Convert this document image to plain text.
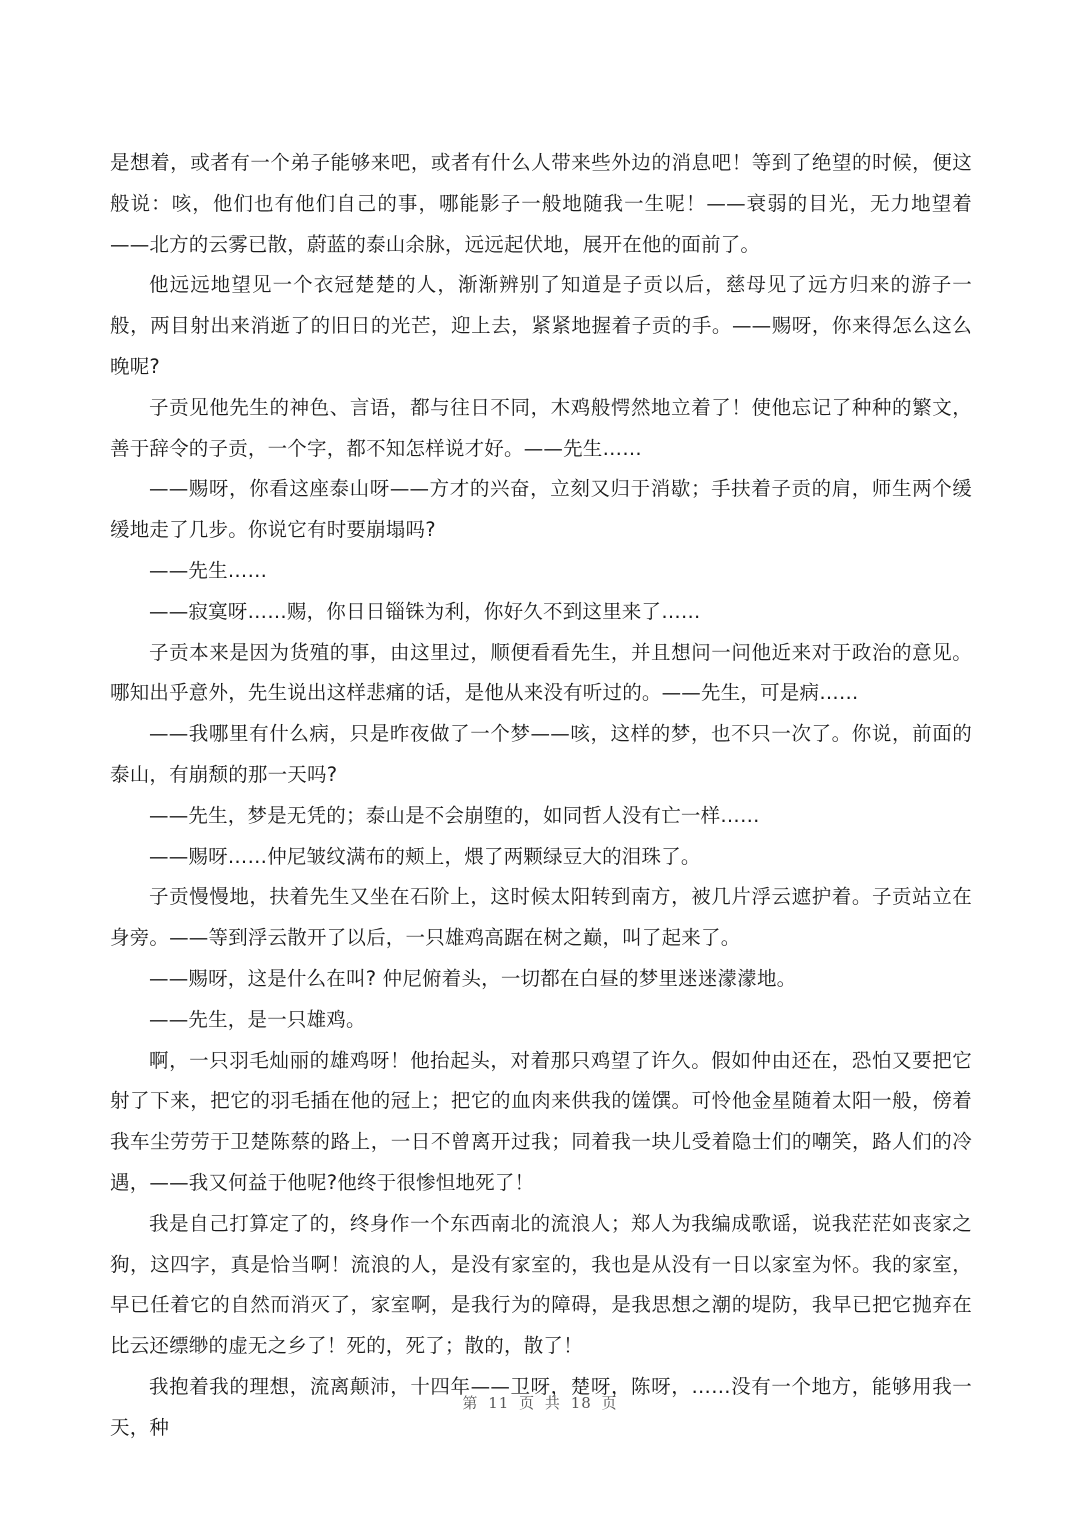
是想着，或者有一个弟子能够来吧，或者有什么人带来些外边的消息吧！等到了绝望的时候，便这般说：咳，他们也有他们自己的事，哪能影子一般地随我一生呢！——衰弱的目光，无力地望着——北方的云雾已散，蔚蓝的泰山余脉，远远起伏地，展开在他的面前了。

他远远地望见一个衣冠楚楚的人，渐渐辨别了知道是子贡以后，慈母见了远方归来的游子一般，两目射出来消逝了的旧日的光芒，迎上去，紧紧地握着子贡的手。——赐呀，你来得怎么这么晚呢?

子贡见他先生的神色、言语，都与往日不同，木鸡般愕然地立着了！使他忘记了种种的繁文，善于辞令的子贡，一个字，都不知怎样说才好。——先生……

——赐呀，你看这座泰山呀——方才的兴奋，立刻又归于消歇；手扶着子贡的肩，师生两个缓缓地走了几步。你说它有时要崩塌吗?

——先生……

——寂寞呀……赐，你日日锱铢为利，你好久不到这里来了……

子贡本来是因为货殖的事，由这里过，顺便看看先生，并且想问一问他近来对于政治的意见。哪知出乎意外，先生说出这样悲痛的话，是他从来没有听过的。——先生，可是病……

——我哪里有什么病，只是昨夜做了一个梦——咳，这样的梦，也不只一次了。你说，前面的泰山，有崩颓的那一天吗?

——先生，梦是无凭的；泰山是不会崩堕的，如同哲人没有亡一样……

——赐呀……仲尼皱纹满布的颊上，煨了两颗绿豆大的泪珠了。

子贡慢慢地，扶着先生又坐在石阶上，这时候太阳转到南方，被几片浮云遮护着。子贡站立在身旁。——等到浮云散开了以后，一只雄鸡高踞在树之巅，叫了起来了。

——赐呀，这是什么在叫? 仲尼俯着头，一切都在白昼的梦里迷迷濛濛地。

——先生，是一只雄鸡。

啊，一只羽毛灿丽的雄鸡呀！他抬起头，对着那只鸡望了许久。假如仲由还在，恐怕又要把它射了下来，把它的羽毛插在他的冠上；把它的血肉来供我的馐馔。可怜他金星随着太阳一般，傍着我车尘劳劳于卫楚陈蔡的路上，一日不曾离开过我；同着我一块儿受着隐士们的嘲笑，路人们的冷遇，——我又何益于他呢?他终于很惨怛地死了！

我是自己打算定了的，终身作一个东西南北的流浪人；郑人为我编成歌谣，说我茫茫如丧家之狗，这四字，真是恰当啊！流浪的人，是没有家室的，我也是从没有一日以家室为怀。我的家室，早已任着它的自然而消灭了，家室啊，是我行为的障碍，是我思想之潮的堤防，我早已把它抛弃在比云还缥缈的虚无之乡了！死的，死了；散的，散了！

我抱着我的理想，流离颠沛，十四年——卫呀，楚呀，陈呀，……没有一个地方，能够用我一天，种

第 11 页 共 18 页
